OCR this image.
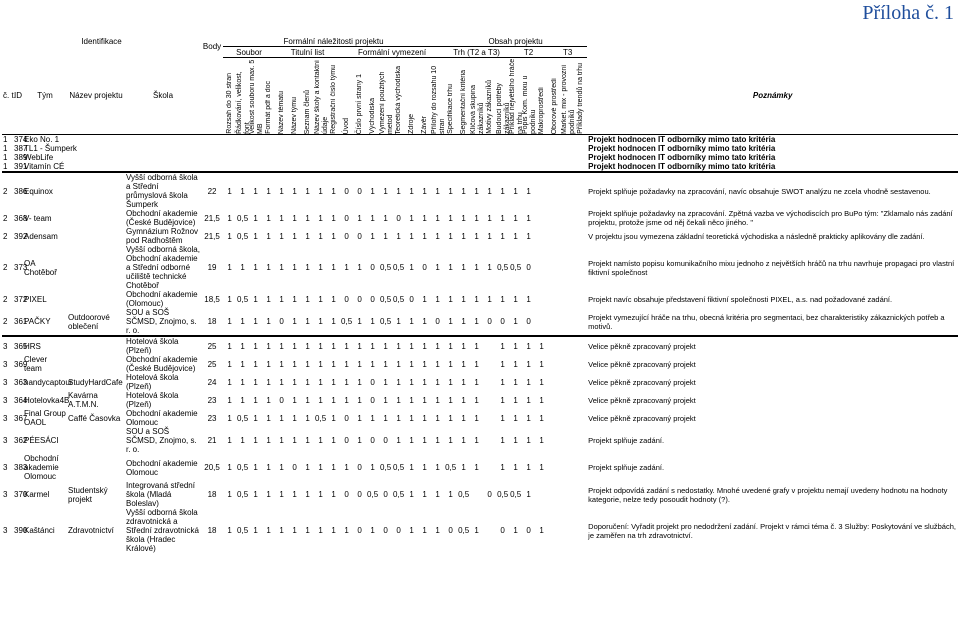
Příloha č. 1
Identifikace					Body	Formální náležitosti projektu																	Obsah projektu											
						Soubor				Titulní list					Formální vymezení								Trh (T2 a T3)					T2			T3			
č. t.	ID	Tým	Název projektu	Škola		Rozsah do 30 stran	Řádkování, velikost, font	Velikost souboru max. 5 MB	Formát pdf a doc	Název tématu	Název týmu	Seznam členů	Název školy a kontaktní údaje	Registrační číslo týmu	Úvod	Číslo první strany 1	Východiska	Vymezení použitých metod	Teoretická východiska	Zdroje	Závěr	Přílohy do rozsahu 10 stran	Specifikace trhu	Segmentační kritéria	Klíčová skupina zákazníků	Motivy zákazníků	Budoucí potřeby zákazníků	Příklad největšího hráče na trhu	Popis Kom. mixu u podniku	Makroprostředí	Oborové prostředí	Market. mix - provozní podniků	Příklady trendů na trhu	Poznámky
1	374	Eko No. 1																																Projekt hodnocen IT odborníky mimo tato kritéria
1	387	TL1 - Šumperk																																Projekt hodnocen IT odborníky mimo tato kritéria
1	389	WebLife																																Projekt hodnocen IT odborníky mimo tato kritéria
1	391	Vitamín CÉ																																Projekt hodnocen IT odborníky mimo tato kritéria
2	386	Equinox		Vyšší odborná škola a Střední průmyslová škola Šumperk	22	1	1	1	1	1	1	1	1	1	0	0	1	1	1	1	1	1	1	1	1	1	1	1	1					Projekt splňuje požadavky na zpracování, navíc obsahuje SWOT analýzu ne zcela vhodně sestavenou.
2	368	V- team		Obchodní akademie (České Budějovice)	21,5	1	0,5	1	1	1	1	1	1	1	0	1	1	1	0	1	1	1	1	1	1	1	1	1	1					Projekt splňuje požadavky na zpracování. Zpětná vazba ve východiscích pro BuPo tým: "Zklamalo nás zadání projektu, protože jsme od něj čekali něco jiného. "
2	392	Adensam		Gymnázium Rožnov pod Radhoštěm	21,5	1	0,5	1	1	1	1	1	1	1	0	0	1	1	1	1	1	1	1	1	1	1	1	1	1					V projektu jsou vymezena základní teoretická východiska a následně prakticky aplikovány dle zadání.
2	373	OA Chotěboř		Vyšší odborná škola, Obchodní akademie a Střední odborné učiliště technické Chotěboř	19	1	1	1	1	1	1	1	1	1	1	1	0	0,5	0,5	1	0	1	1	1	1	1	0,5	0,5	0					Projekt namísto popisu komunikačního mixu jednoho z největších hráčů na trhu navrhuje propagaci pro vlastní fiktivní společnost
2	372	PIXEL		Obchodní akademie (Olomouc)	18,5	1	0,5	1	1	1	1	1	1	1	0	0	0	0,5	0,5	0	1	1	1	1	1	1	1	1	1					Projekt navíc obsahuje představení fiktivní společnosti PIXEL, a.s. nad požadované zadání.
2	361	PAČKY	Outdoorové oblečení	SOU a SOŠ SČMSD, Znojmo, s. r. o.	18	1	1	1	1	0	1	1	1	1	0,5	1	1	0,5	1	1	1	0	1	1	1	0	0	1	0					Projekt vymezující hráče na trhu, obecná kritéria pro segmentaci, bez charakteristiky zákaznických potřeb a motivů.
3	365	HRS		Hotelová škola (Plzeň)	25	1	1	1	1	1	1	1	1	1	1	1	1	1	1	1	1	1	1	1	1		1	1	1	1				Velice pěkně zpracovaný projekt
3	369	Clever team		Obchodní akademie (České Budějovice)	25	1	1	1	1	1	1	1	1	1	1	1	1	1	1	1	1	1	1	1	1		1	1	1	1				Velice pěkně zpracovaný projekt
3	363	handycaptour	StudyHardCafe	Hotelová škola (Plzeň)	24	1	1	1	1	1	1	1	1	1	1	1	0	1	1	1	1	1	1	1	1		1	1	1	1				Velice pěkně zpracovaný projekt
3	364	Hotelovka4B	Kavárna A.T.M.N.	Hotelová škola (Plzeň)	23	1	1	1	1	0	1	1	1	1	1	1	0	1	1	1	1	1	1	1	1		1	1	1	1				Velice pěkně zpracovaný projekt
3	367	Final Group OAOL	Caffé Časovka	Obchodní akademie Olomouc	23	1	0,5	1	1	1	1	1	0,5	1	0	1	1	1	1	1	1	1	1	1	1		1	1	1	1				Velice pěkně zpracovaný projekt
3	362	PÉESÁCI		SOU a SOŠ SČMSD, Znojmo, s. r. o.	21	1	1	1	1	1	1	1	1	1	0	1	0	0	1	1	1	1	1	1	1		1	1	1	1				Projekt splňuje zadání.
3	383	Obchodní akademie Olomouc		Obchodní akademie Olomouc	20,5	1	0,5	1	1	1	0	1	1	1	1	0	1	0,5	0,5	1	1	1	0,5	1	1		1	1	1	1				Projekt splňuje zadání.
3	370	Karmel	Studentský projekt	Integrovaná střední škola (Mladá Boleslav)	18	1	0,5	1	1	1	1	1	1	1	0	0	0,5	0	0,5	1	1	1	1	0,5		0	0,5	0,5	1					Projekt odpovídá zadání s nedostatky. Mnohé uvedené grafy v projektu nemají uvedeny hodnotu na hodnoty kategorie, nelze tedy posoudit hodnoty (?).
3	390	Kaštánci	Zdravotnictví	Vyšší odborná škola zdravotnická a Střední zdravotnická škola (Hradec Králové)	18	1	0,5	1	1	1	1	1	1	1	1	0	1	0	0	1	1	1	0	0,5	1		0	1	0	1				Doporučení: Vyřadit projekt pro nedodržení zadání. Projekt v rámci téma č. 3 Služby: Poskytování ve službách, je zaměřen na trh zdravotnictví.
